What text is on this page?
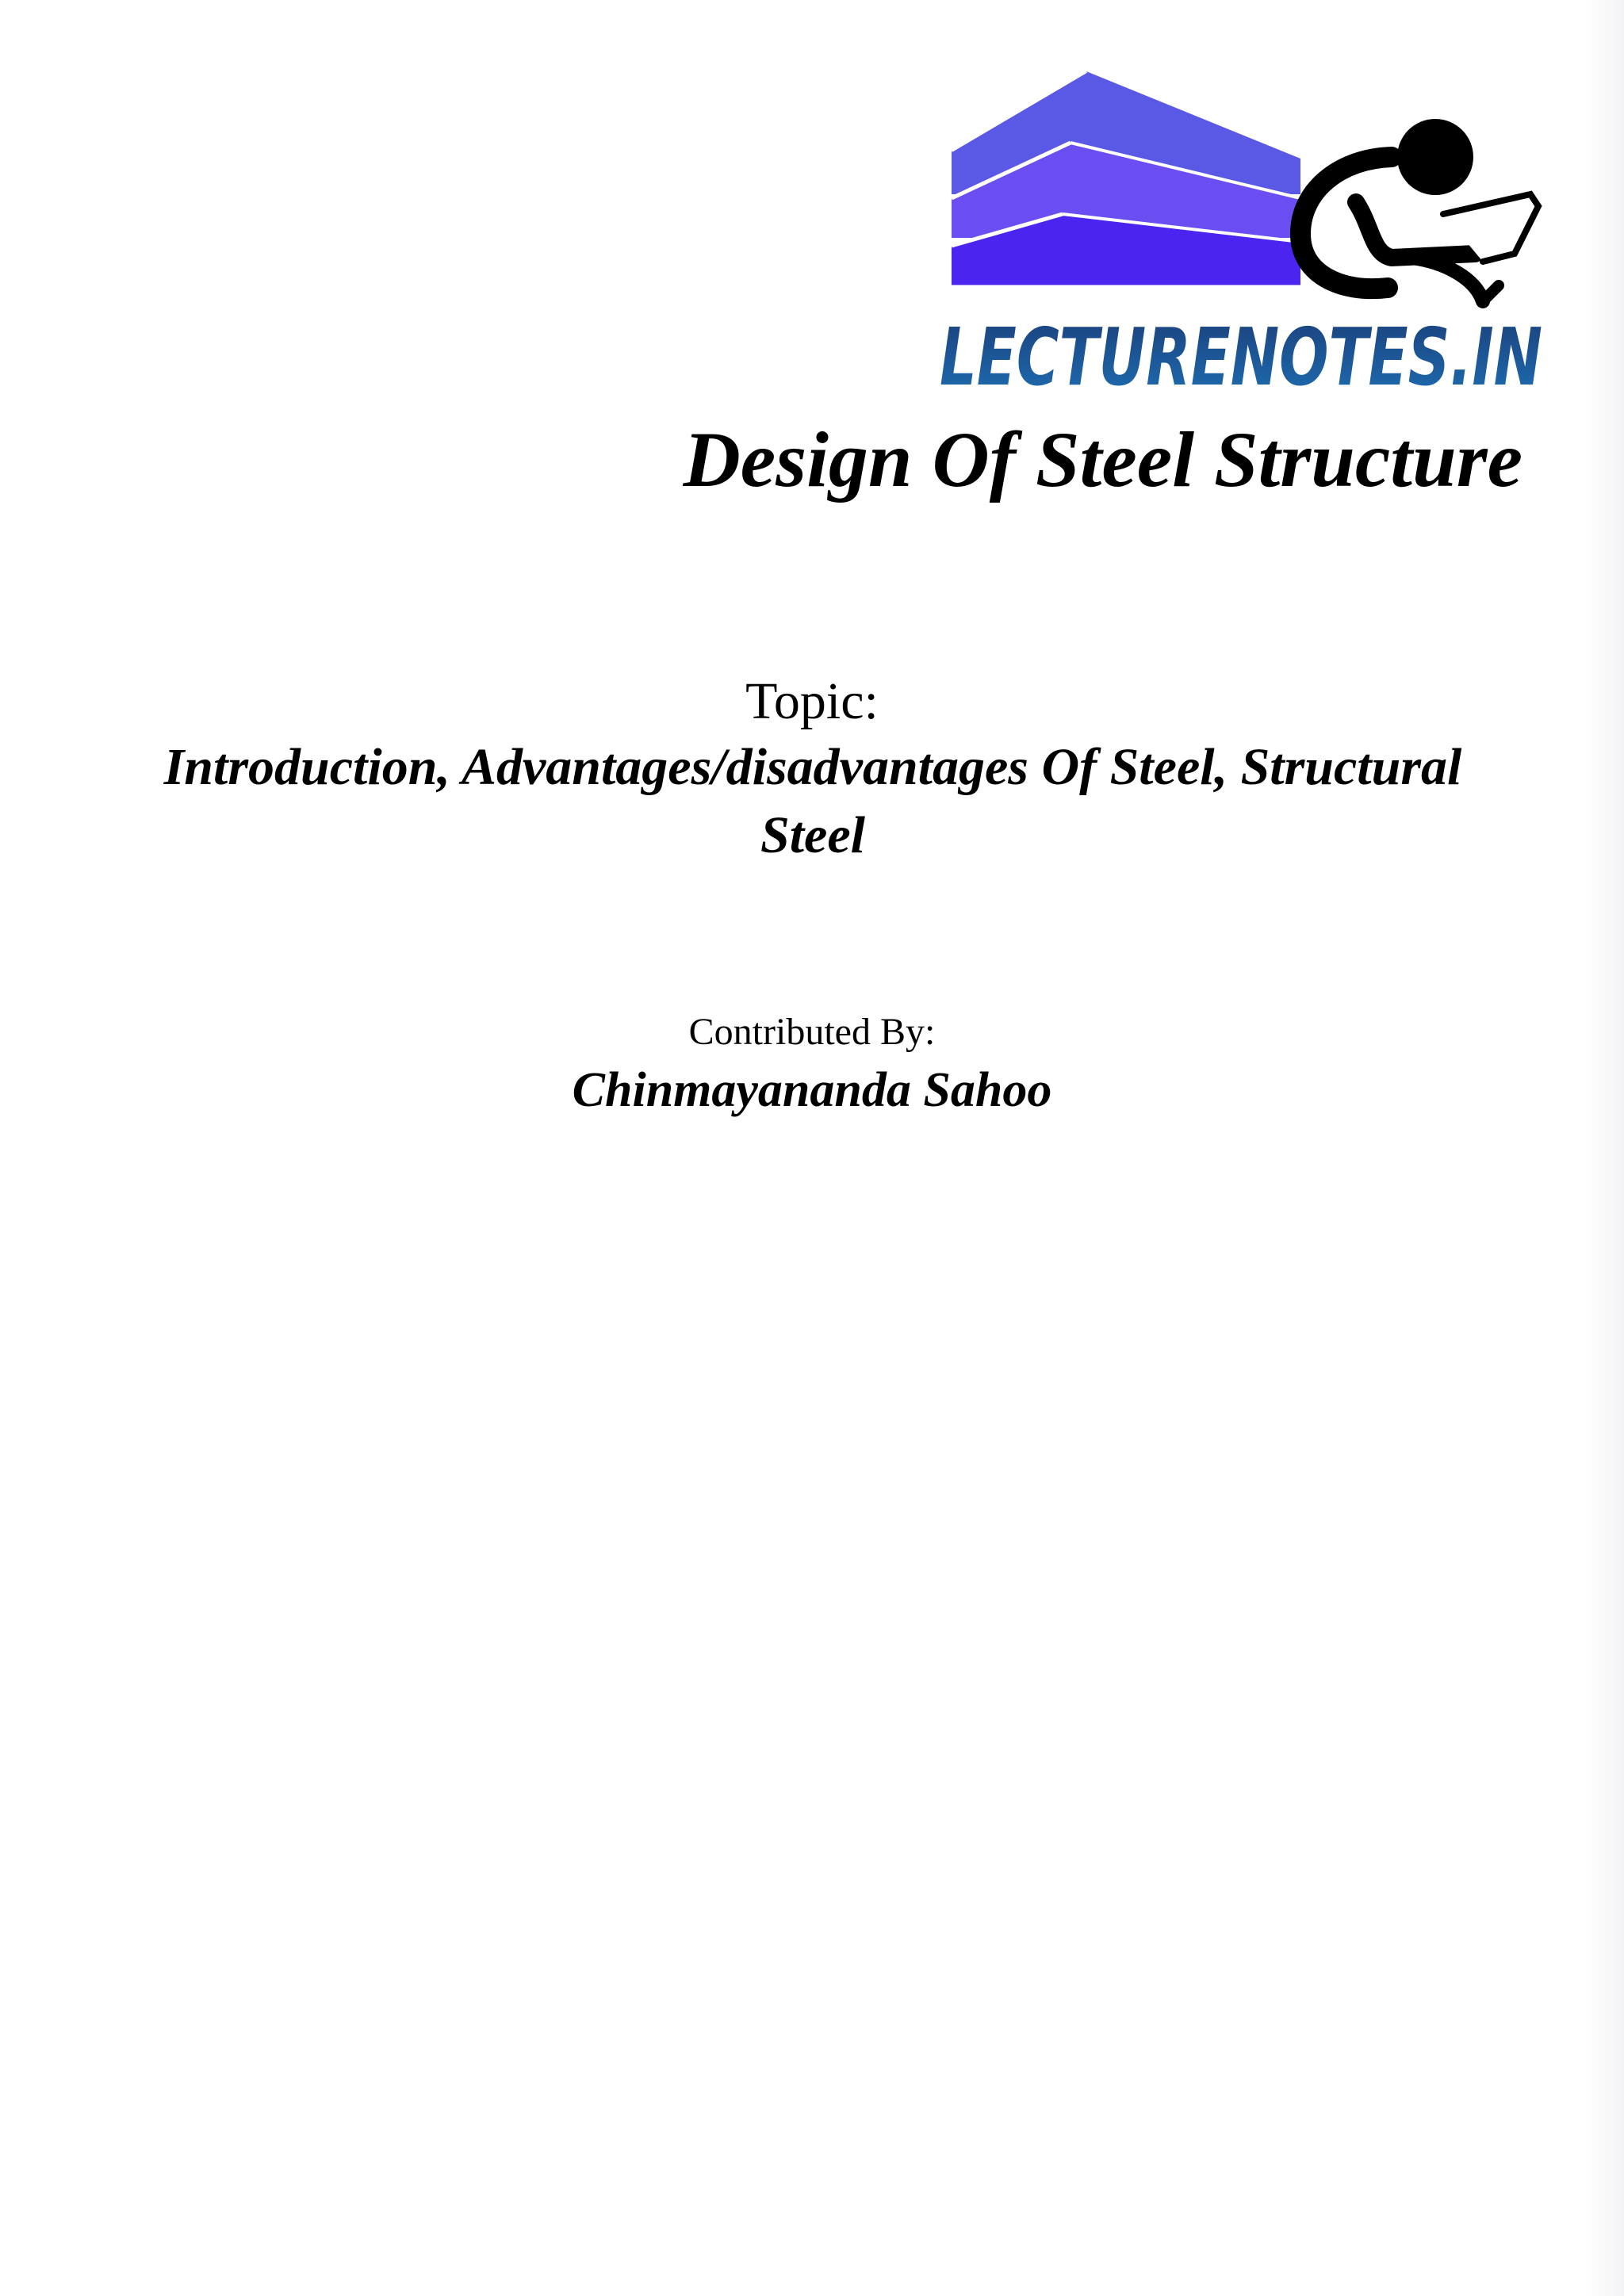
LECTURENOTES.IN
Design Of Steel Structure
Topic:
Introduction, Advantages/disadvantages Of Steel, Structural Steel
Contributed By:
Chinmayananda Sahoo
